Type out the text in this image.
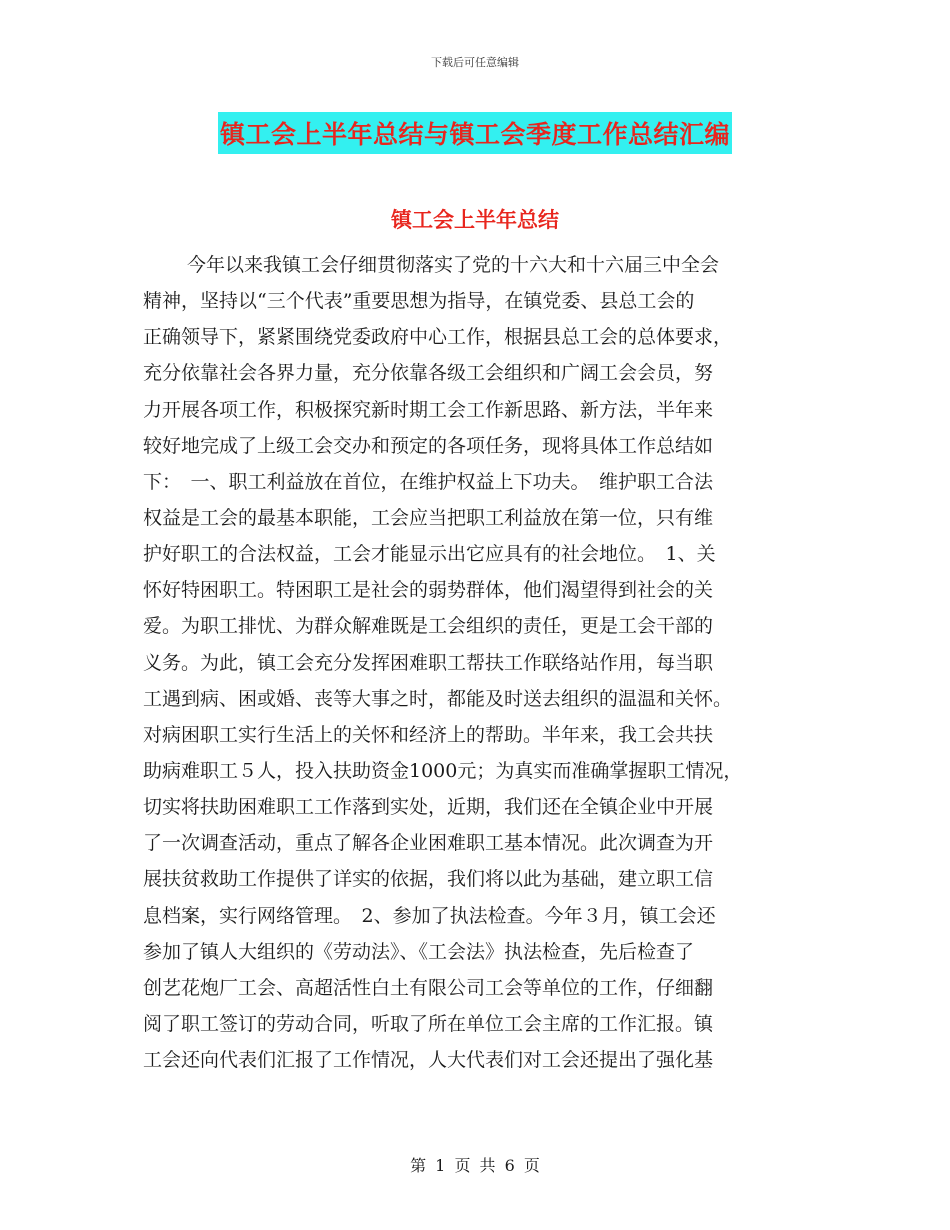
下载后可任意编辑
镇工会上半年总结与镇工会季度工作总结汇编
镇工会上半年总结
今年以来我镇工会仔细贯彻落实了党的十六大和十六届三中全会
精神，坚持以“三个代表”重要思想为指导，在镇党委、县总工会的
正确领导下，紧紧围绕党委政府中心工作，根据县总工会的总体要求，
充分依靠社会各界力量，充分依靠各级工会组织和广阔工会会员，努
力开展各项工作，积极探究新时期工会工作新思路、新方法，半年来
较好地完成了上级工会交办和预定的各项任务，现将具体工作总结如
下：　一、职工利益放在首位，在维护权益上下功夫。　维护职工合法
权益是工会的最基本职能，工会应当把职工利益放在第一位，只有维
护好职工的合法权益，工会才能显示出它应具有的社会地位。　1、关
怀好特困职工。特困职工是社会的弱势群体，他们渴望得到社会的关
爱。为职工排忧、为群众解难既是工会组织的责任，更是工会干部的
义务。为此，镇工会充分发挥困难职工帮扶工作联络站作用，每当职
工遇到病、困或婚、丧等大事之时，都能及时送去组织的温温和关怀。
对病困职工实行生活上的关怀和经济上的帮助。半年来，我工会共扶
助病难职工５人，投入扶助资金1000元；为真实而准确掌握职工情况，
切实将扶助困难职工工作落到实处，近期，我们还在全镇企业中开展
了一次调查活动，重点了解各企业困难职工基本情况。此次调查为开
展扶贫救助工作提供了详实的依据，我们将以此为基础，建立职工信
息档案，实行网络管理。　2、参加了执法检查。今年３月，镇工会还
参加了镇人大组织的《劳动法》、《工会法》执法检查，先后检查了
创艺花炮厂工会、高超活性白土有限公司工会等单位的工作，仔细翻
阅了职工签订的劳动合同，听取了所在单位工会主席的工作汇报。镇
工会还向代表们汇报了工作情况，人大代表们对工会还提出了强化基
第 1 页 共 6 页
